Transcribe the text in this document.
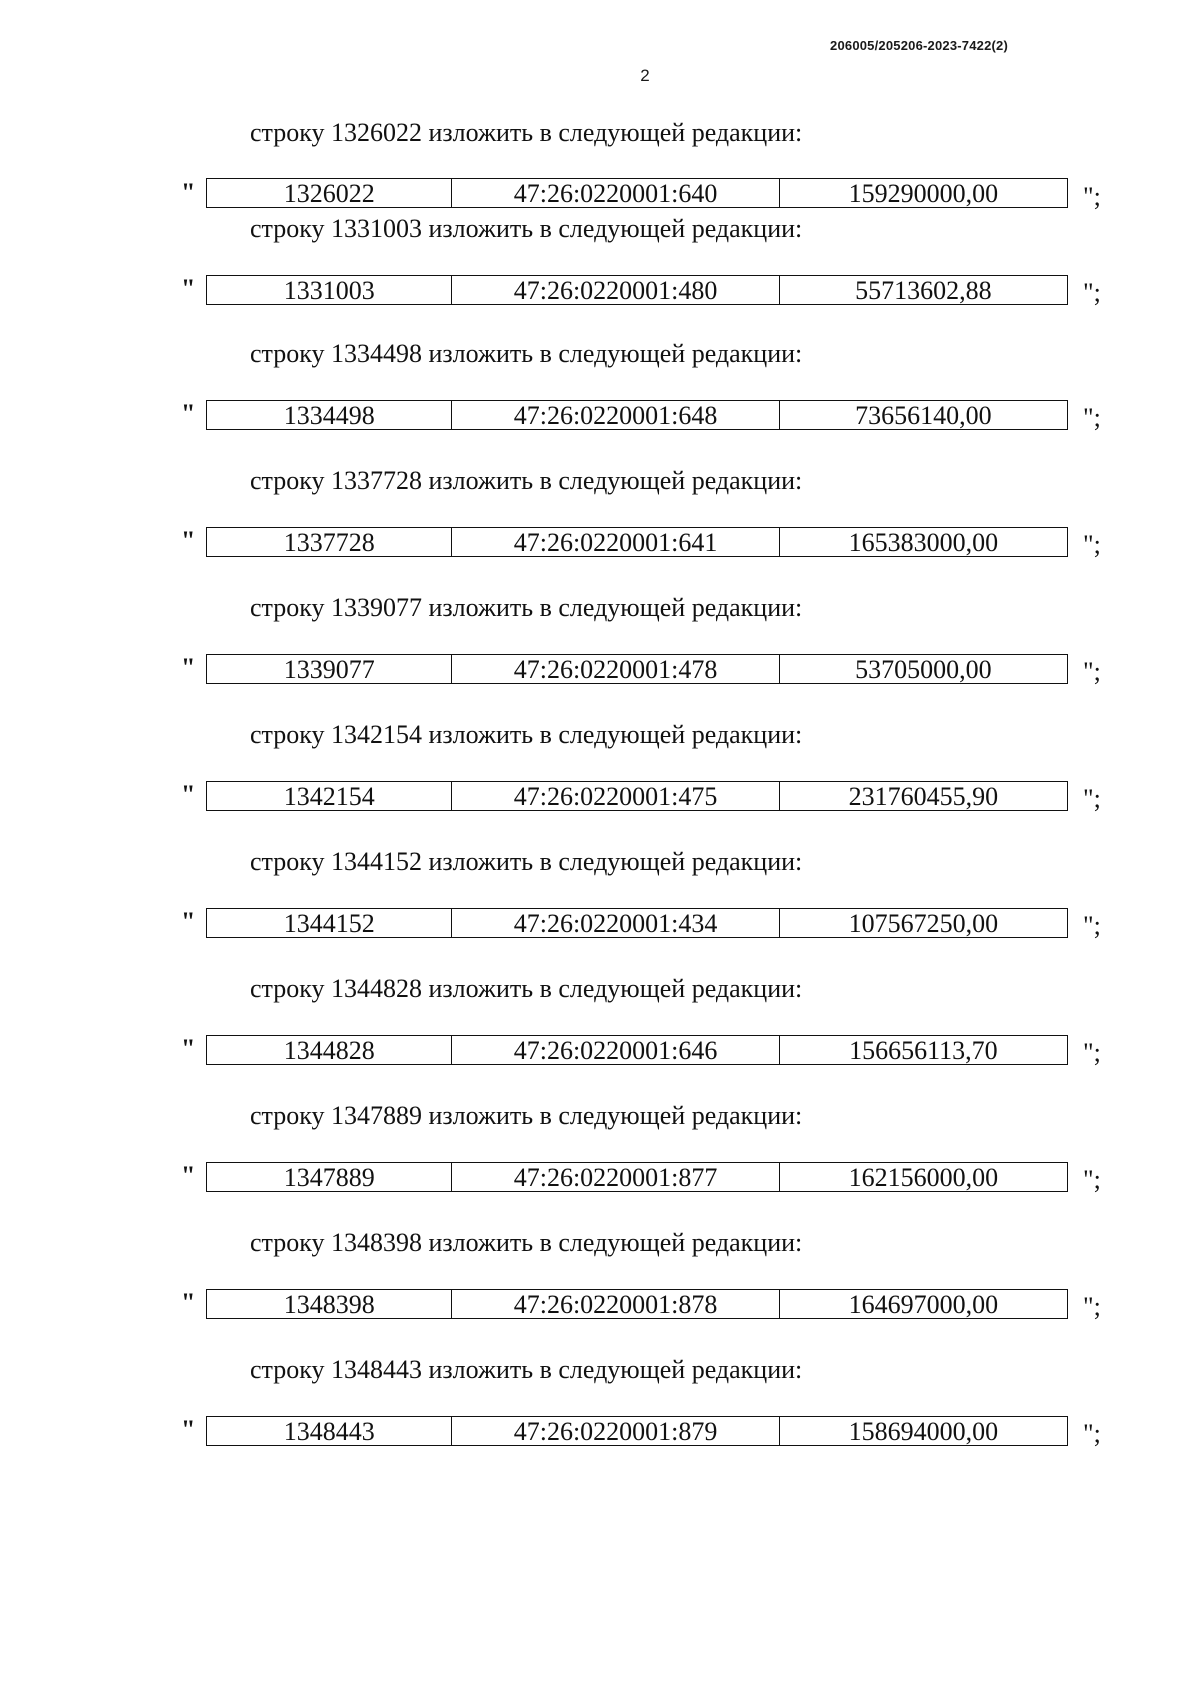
206005/205206-2023-7422(2)
2
строку 1326022 изложить в следующей редакции:
"	1326022	47:26:0220001:640	159290000,00	";
строку 1331003 изложить в следующей редакции:
"	1331003	47:26:0220001:480	55713602,88	";
строку 1334498 изложить в следующей редакции:
"	1334498	47:26:0220001:648	73656140,00	";
строку 1337728 изложить в следующей редакции:
"	1337728	47:26:0220001:641	165383000,00	";
строку 1339077 изложить в следующей редакции:
"	1339077	47:26:0220001:478	53705000,00	";
строку 1342154 изложить в следующей редакции:
"	1342154	47:26:0220001:475	231760455,90	";
строку 1344152 изложить в следующей редакции:
"	1344152	47:26:0220001:434	107567250,00	";
строку 1344828 изложить в следующей редакции:
"	1344828	47:26:0220001:646	156656113,70	";
строку 1347889 изложить в следующей редакции:
"	1347889	47:26:0220001:877	162156000,00	";
строку 1348398 изложить в следующей редакции:
"	1348398	47:26:0220001:878	164697000,00	";
строку 1348443 изложить в следующей редакции:
"	1348443	47:26:0220001:879	158694000,00	";
